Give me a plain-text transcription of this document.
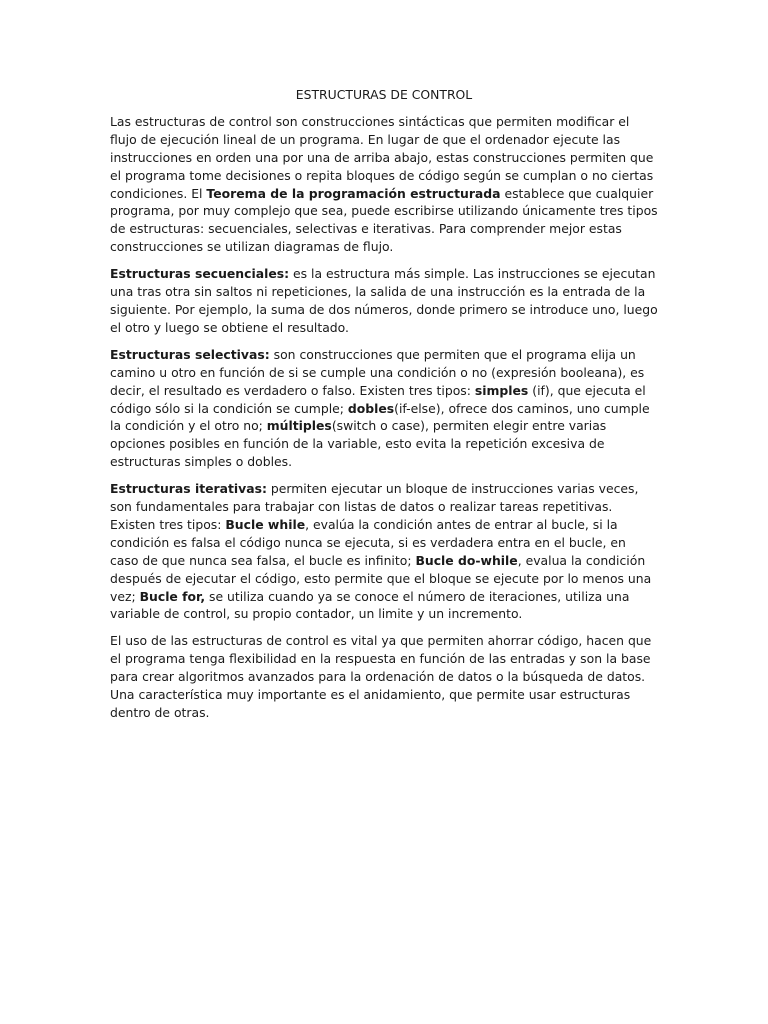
ESTRUCTURAS DE CONTROL

Las estructuras de control son construcciones sintácticas que permiten modificar el flujo de ejecución lineal de un programa. En lugar de que el ordenador ejecute las instrucciones en orden una por una de arriba abajo, estas construcciones permiten que el programa tome decisiones o repita bloques de código según se cumplan o no ciertas condiciones. El Teorema de la programación estructurada establece que cualquier programa, por muy complejo que sea, puede escribirse utilizando únicamente tres tipos de estructuras: secuenciales, selectivas e iterativas. Para comprender mejor estas construcciones se utilizan diagramas de flujo.

Estructuras secuenciales: es la estructura más simple. Las instrucciones se ejecutan una tras otra sin saltos ni repeticiones, la salida de una instrucción es la entrada de la siguiente. Por ejemplo, la suma de dos números, donde primero se introduce uno, luego el otro y luego se obtiene el resultado.

Estructuras selectivas: son construcciones que permiten que el programa elija un camino u otro en función de si se cumple una condición o no (expresión booleana), es decir, el resultado es verdadero o falso. Existen tres tipos: simples (if), que ejecuta el código sólo si la condición se cumple; dobles(if-else), ofrece dos caminos, uno cumple la condición y el otro no; múltiples(switch o case), permiten elegir entre varias opciones posibles en función de la variable, esto evita la repetición excesiva de estructuras simples o dobles.

Estructuras iterativas: permiten ejecutar un bloque de instrucciones varias veces, son fundamentales para trabajar con listas de datos o realizar tareas repetitivas. Existen tres tipos: Bucle while, evalúa la condición antes de entrar al bucle, si la condición es falsa el código nunca se ejecuta, si es verdadera entra en el bucle, en caso de que nunca sea falsa, el bucle es infinito; Bucle do-while, evalua la condición después de ejecutar el código, esto permite que el bloque se ejecute por lo menos una vez; Bucle for, se utiliza cuando ya se conoce el número de iteraciones, utiliza una variable de control, su propio contador, un limite y un incremento.

El uso de las estructuras de control es vital ya que permiten ahorrar código, hacen que el programa tenga flexibilidad en la respuesta en función de las entradas y son la base para crear algoritmos avanzados para la ordenación de datos o la búsqueda de datos. Una característica muy importante es el anidamiento, que permite usar estructuras dentro de otras.
